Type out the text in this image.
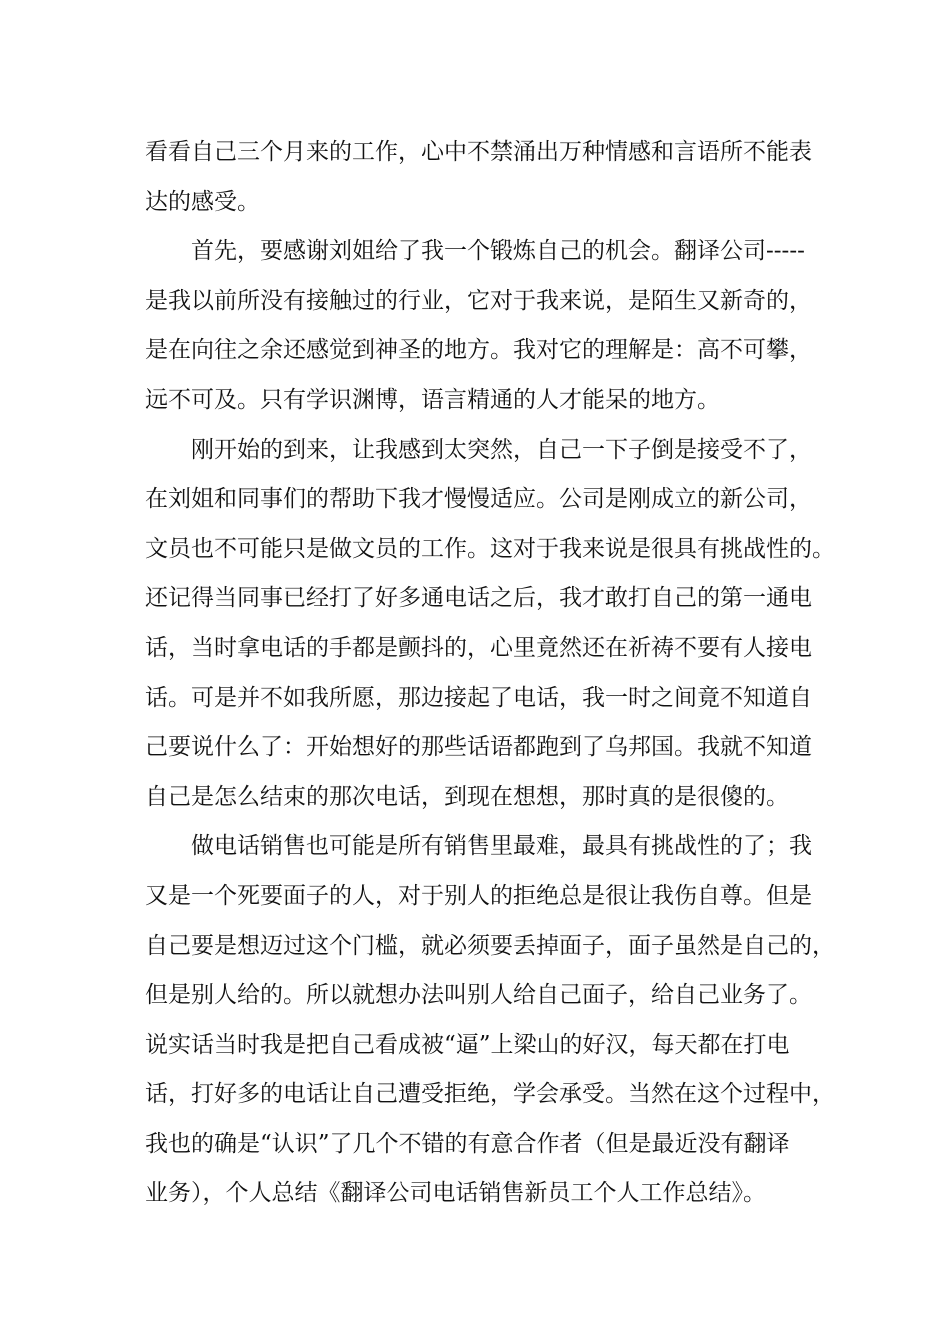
看看自己三个月来的工作，心中不禁涌出万种情感和言语所不能表
达的感受。

首先，要感谢刘姐给了我一个锻炼自己的机会。翻译公司-----
是我以前所没有接触过的行业，它对于我来说，是陌生又新奇的，
是在向往之余还感觉到神圣的地方。我对它的理解是：高不可攀，
远不可及。只有学识渊博，语言精通的人才能呆的地方。

刚开始的到来，让我感到太突然，自己一下子倒是接受不了，
在刘姐和同事们的帮助下我才慢慢适应。公司是刚成立的新公司，
文员也不可能只是做文员的工作。这对于我来说是很具有挑战性的。
还记得当同事已经打了好多通电话之后，我才敢打自己的第一通电
话，当时拿电话的手都是颤抖的，心里竟然还在祈祷不要有人接电
话。可是并不如我所愿，那边接起了电话，我一时之间竟不知道自
己要说什么了：开始想好的那些话语都跑到了乌邦国。我就不知道
自己是怎么结束的那次电话，到现在想想，那时真的是很傻的。

做电话销售也可能是所有销售里最难，最具有挑战性的了；我
又是一个死要面子的人，对于别人的拒绝总是很让我伤自尊。但是
自己要是想迈过这个门槛，就必须要丢掉面子，面子虽然是自己的，
但是别人给的。所以就想办法叫别人给自己面子，给自己业务了。
说实话当时我是把自己看成被“逼”上梁山的好汉，每天都在打电
话，打好多的电话让自己遭受拒绝，学会承受。当然在这个过程中，
我也的确是“认识”了几个不错的有意合作者（但是最近没有翻译
业务），个人总结《翻译公司电话销售新员工个人工作总结》。
